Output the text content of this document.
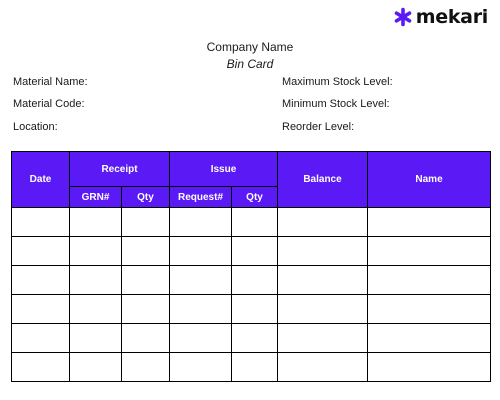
mekari
Company Name
Bin Card
Material Name:
Material Code:
Location:
Maximum Stock Level:
Minimum Stock Level:
Reorder Level:
Date	Receipt		Issue		Balance	Name
	GRN#	Qty	Request#	Qty		
